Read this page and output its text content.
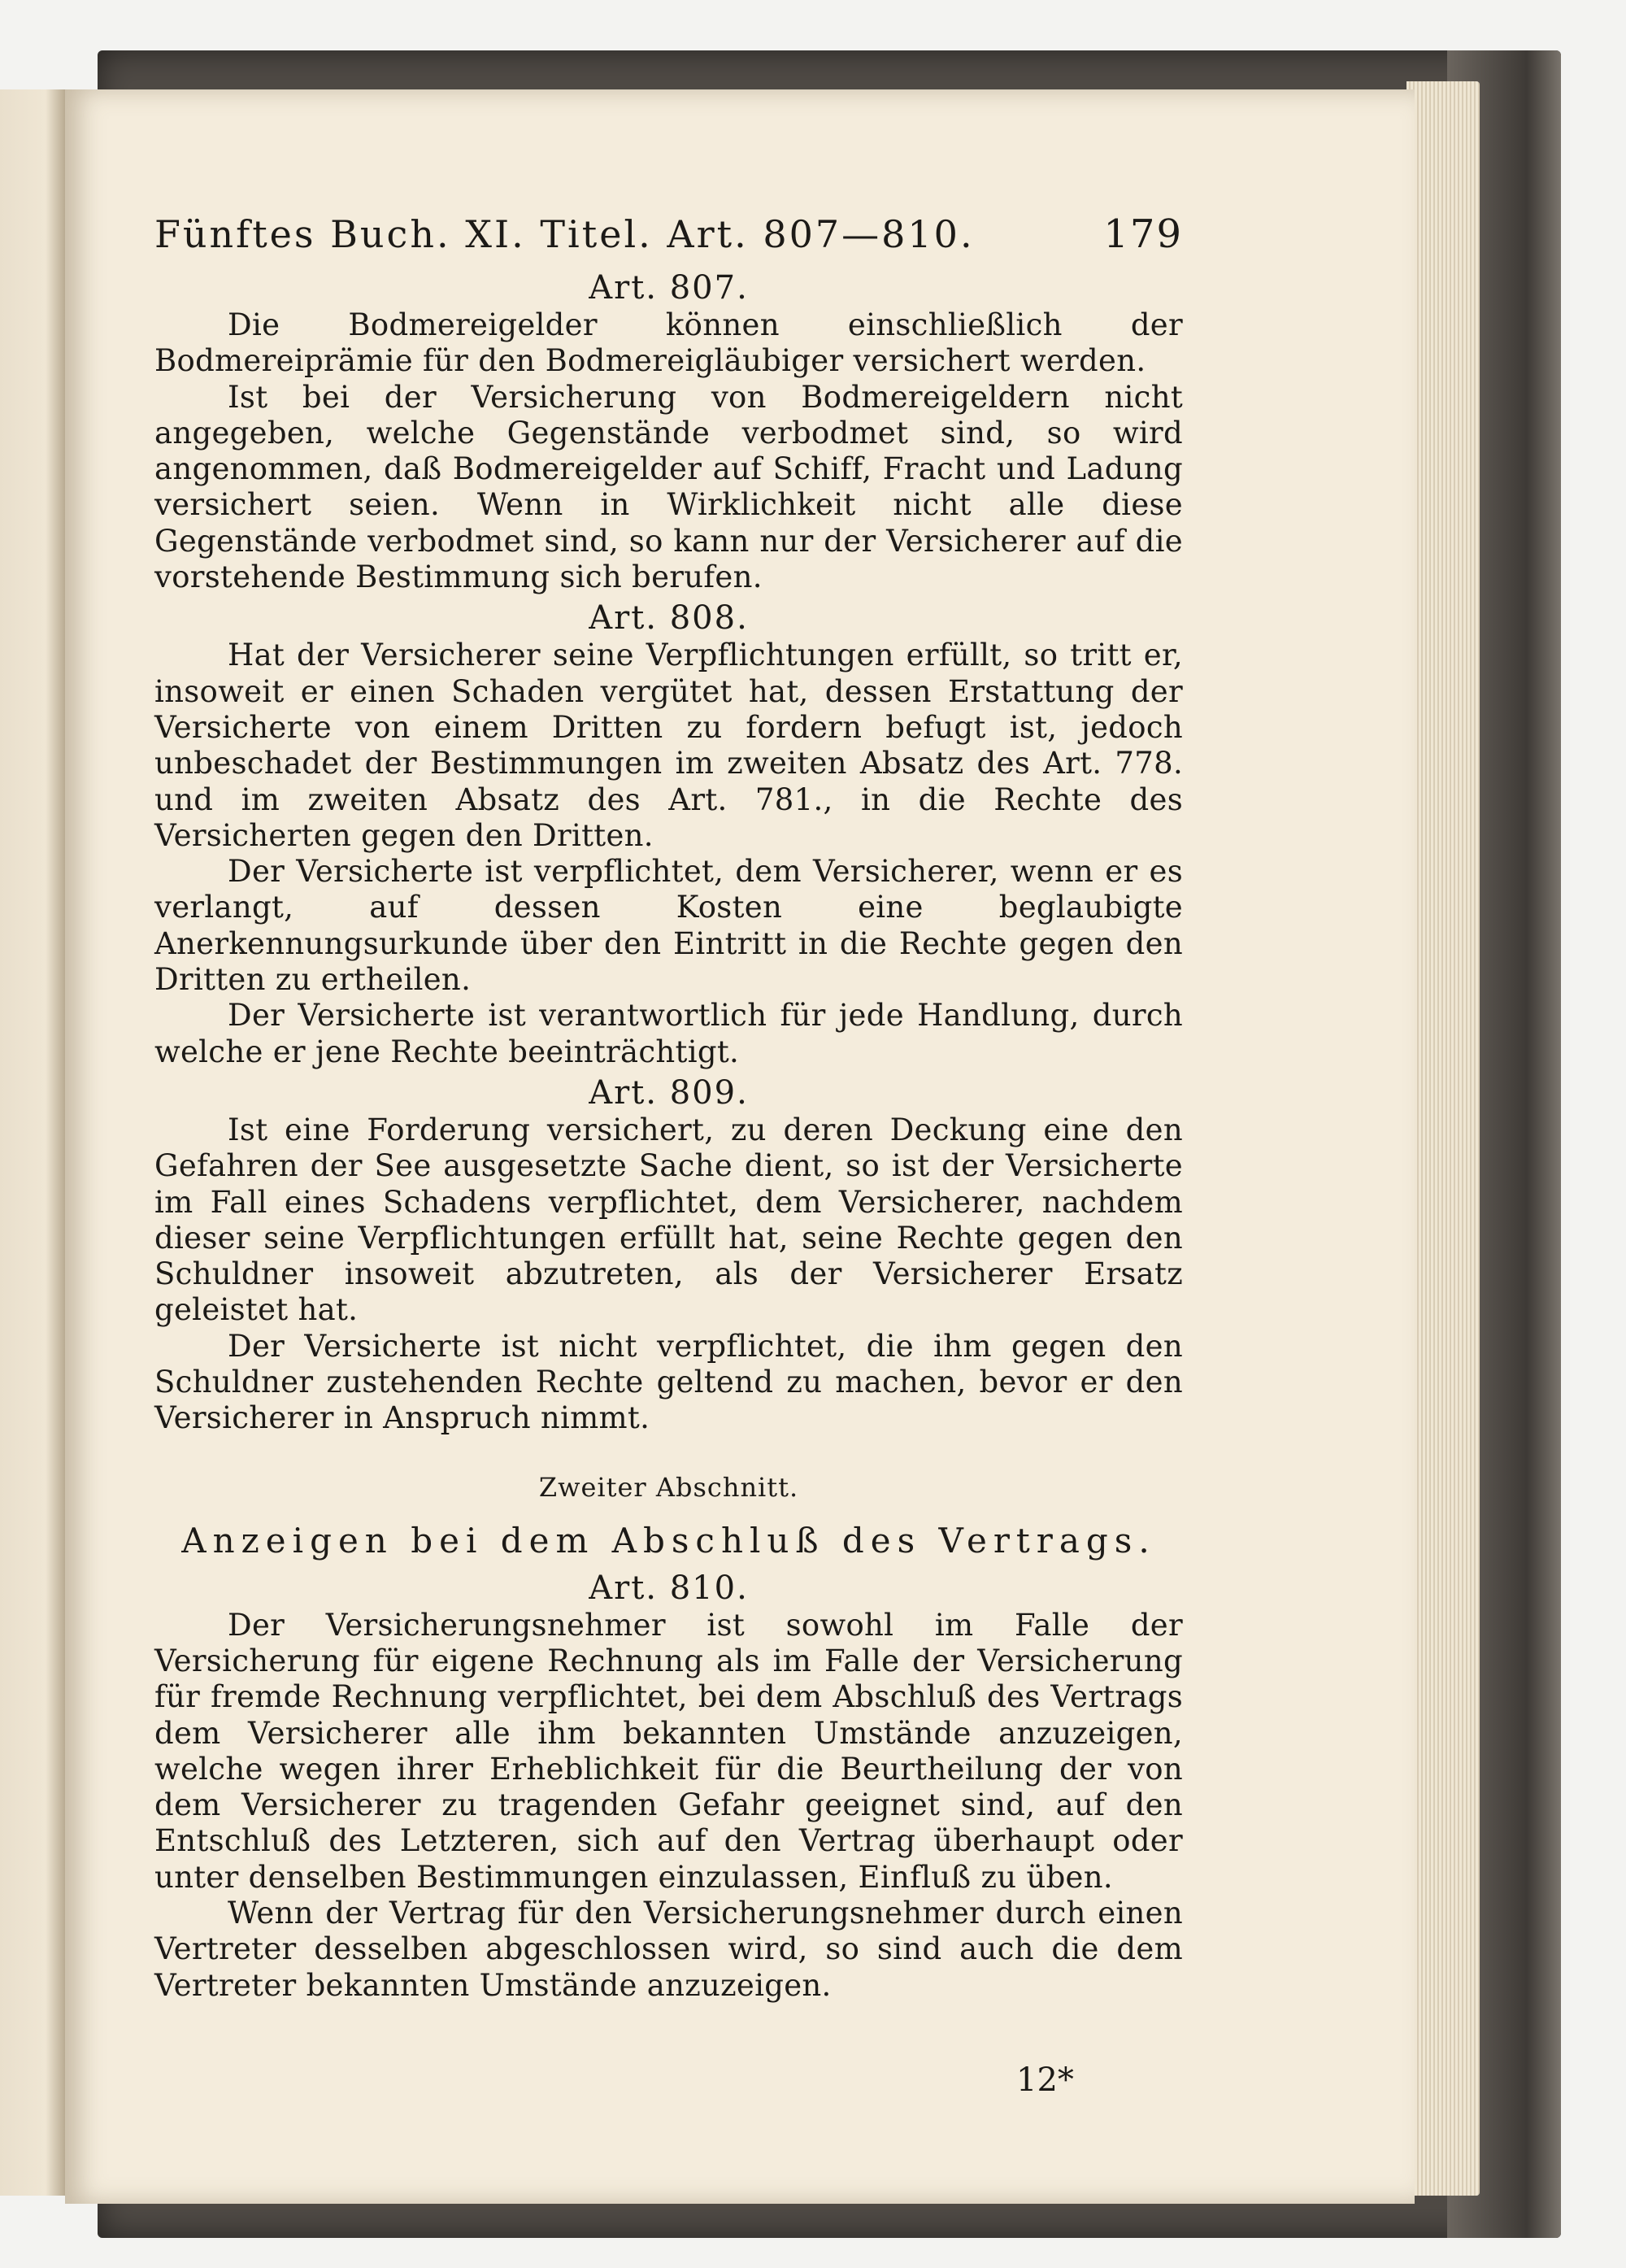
Fünftes Buch. XI. Titel. Art. 807—810.	179
Art. 807.

Die Bodmereigelder können einschließlich der Bodmereiprämie für den Bodmereigläubiger versichert werden.

Ist bei der Versicherung von Bodmereigeldern nicht angegeben, welche Gegenstände verbodmet sind, so wird angenommen, daß Bodmereigelder auf Schiff, Fracht und Ladung versichert seien. Wenn in Wirklichkeit nicht alle diese Gegenstände verbodmet sind, so kann nur der Versicherer auf die vorstehende Bestimmung sich berufen.

Art. 808.

Hat der Versicherer seine Verpflichtungen erfüllt, so tritt er, insoweit er einen Schaden vergütet hat, dessen Erstattung der Versicherte von einem Dritten zu fordern befugt ist, jedoch unbeschadet der Bestimmungen im zweiten Absatz des Art. 778. und im zweiten Absatz des Art. 781., in die Rechte des Versicherten gegen den Dritten.

Der Versicherte ist verpflichtet, dem Versicherer, wenn er es verlangt, auf dessen Kosten eine beglaubigte Anerkennungsurkunde über den Eintritt in die Rechte gegen den Dritten zu ertheilen.

Der Versicherte ist verantwortlich für jede Handlung, durch welche er jene Rechte beeinträchtigt.

Art. 809.

Ist eine Forderung versichert, zu deren Deckung eine den Gefahren der See ausgesetzte Sache dient, so ist der Versicherte im Fall eines Schadens verpflichtet, dem Versicherer, nachdem dieser seine Verpflichtungen erfüllt hat, seine Rechte gegen den Schuldner insoweit abzutreten, als der Versicherer Ersatz geleistet hat.

Der Versicherte ist nicht verpflichtet, die ihm gegen den Schuldner zustehenden Rechte geltend zu machen, bevor er den Versicherer in Anspruch nimmt.

Zweiter Abschnitt.
Anzeigen bei dem Abschluß des Vertrags.
Art. 810.

Der Versicherungsnehmer ist sowohl im Falle der Versicherung für eigene Rechnung als im Falle der Versicherung für fremde Rechnung verpflichtet, bei dem Abschluß des Vertrags dem Versicherer alle ihm bekannten Umstände anzuzeigen, welche wegen ihrer Erheblichkeit für die Beurtheilung der von dem Versicherer zu tragenden Gefahr geeignet sind, auf den Entschluß des Letzteren, sich auf den Vertrag überhaupt oder unter denselben Bestimmungen einzulassen, Einfluß zu üben.

Wenn der Vertrag für den Versicherungsnehmer durch einen Vertreter desselben abgeschlossen wird, so sind auch die dem Vertreter bekannten Umstände anzuzeigen.

12*
